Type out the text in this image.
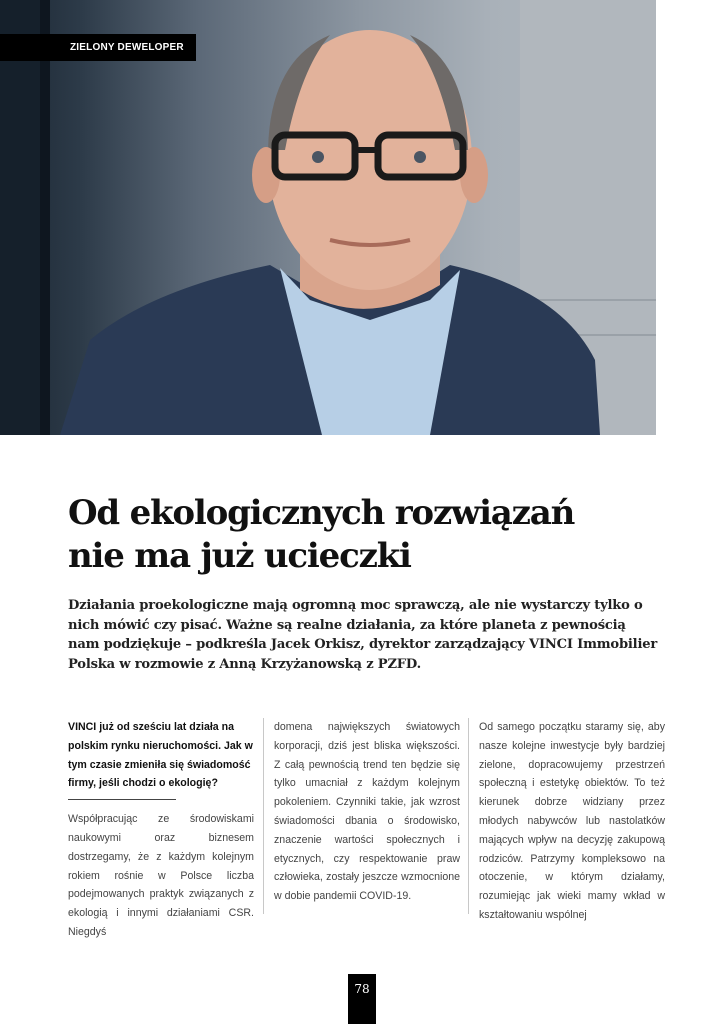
ZIELONY DEWELOPER
Od ekologicznych rozwiązań
nie ma już ucieczki

Działania proekologiczne mają ogromną moc sprawczą, ale nie wystarczy tylko o nich mówić czy pisać. Ważne są realne działania, za które planeta z pewnością nam podziękuje – podkreśla Jacek Orkisz, dyrektor zarządzający VINCI Immobilier Polska w rozmowie z Anną Krzyżanowską z PZFD.

VINCI już od sześciu lat działa na polskim rynku nieruchomości. Jak w tym czasie zmieniła się świadomość firmy, jeśli chodzi o ekologię?

Współpracując ze środowiskami naukowymi oraz biznesem dostrzegamy, że z każdym kolejnym rokiem rośnie w Polsce liczba podejmowanych praktyk związanych z ekologią i innymi działaniami CSR. Niegdyś

domena największych światowych korporacji, dziś jest bliska większości. Z całą pewnością trend ten będzie się tylko umacniał z każdym kolejnym pokoleniem. Czynniki takie, jak wzrost świadomości dbania o środowisko, znaczenie wartości społecznych i etycznych, czy respektowanie praw człowieka, zostały jeszcze wzmocnione w dobie pandemii COVID-19.

Od samego początku staramy się, aby nasze kolejne inwestycje były bardziej zielone, dopracowujemy przestrzeń społeczną i estetykę obiektów. To też kierunek dobrze widziany przez młodych nabywców lub nastolatków mających wpływ na decyzję zakupową rodziców. Patrzymy kompleksowo na otoczenie, w którym działamy, rozumiejąc jak wieki mamy wkład w kształtowaniu wspólnej

78
